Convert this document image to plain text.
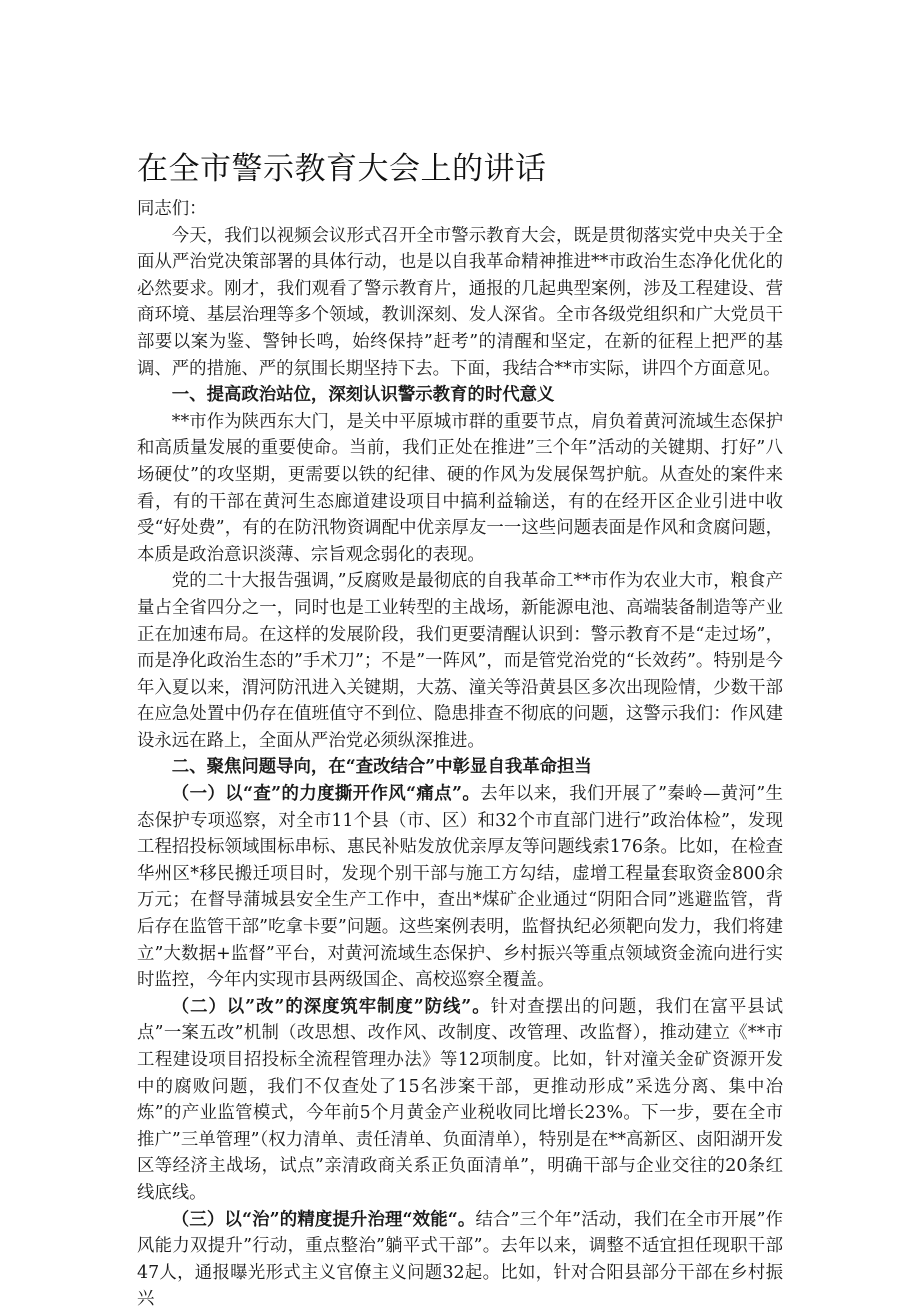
在全市警示教育大会上的讲话

同志们：

今天，我们以视频会议形式召开全市警示教育大会，既是贯彻落实党中央关于全面从严治党决策部署的具体行动，也是以自我革命精神推进**市政治生态净化优化的必然要求。刚才，我们观看了警示教育片，通报的几起典型案例，涉及工程建设、营商环境、基层治理等多个领域，教训深刻、发人深省。全市各级党组织和广大党员干部要以案为鉴、警钟长鸣，始终保持”赶考”的清醒和坚定，在新的征程上把严的基调、严的措施、严的氛围长期坚持下去。下面，我结合**市实际，讲四个方面意见。

一、提高政治站位，深刻认识警示教育的时代意义

**市作为陕西东大门，是关中平原城市群的重要节点，肩负着黄河流域生态保护和高质量发展的重要使命。当前，我们正处在推进”三个年”活动的关键期、打好”八场硬仗”的攻坚期，更需要以铁的纪律、硬的作风为发展保驾护航。从查处的案件来看，有的干部在黄河生态廊道建设项目中搞利益输送，有的在经开区企业引进中收受“好处费”，有的在防汛物资调配中优亲厚友一一这些问题表面是作风和贪腐问题，本质是政治意识淡薄、宗旨观念弱化的表现。

党的二十大报告强调，”反腐败是最彻底的自我革命工**市作为农业大市，粮食产量占全省四分之一，同时也是工业转型的主战场，新能源电池、高端装备制造等产业正在加速布局。在这样的发展阶段，我们更要清醒认识到：警示教育不是“走过场”，而是净化政治生态的”手术刀”；不是”一阵风”，而是管党治党的“长效药”。特别是今年入夏以来，渭河防汛进入关键期，大荔、潼关等沿黄县区多次出现险情，少数干部在应急处置中仍存在值班值守不到位、隐患排查不彻底的问题，这警示我们：作风建设永远在路上，全面从严治党必须纵深推进。

二、聚焦问题导向，在“查改结合”中彰显自我革命担当

（一）以“查”的力度撕开作风“痛点”。去年以来，我们开展了”秦岭—黄河”生态保护专项巡察，对全市11个县（市、区）和32个市直部门进行”政治体检”，发现工程招投标领域围标串标、惠民补贴发放优亲厚友等问题线索176条。比如，在检查华州区*移民搬迁项目时，发现个别干部与施工方勾结，虚增工程量套取资金800余万元；在督导蒲城县安全生产工作中，查出*煤矿企业通过“阴阳合同”逃避监管，背后存在监管干部”吃拿卡要”问题。这些案例表明，监督执纪必须靶向发力，我们将建立”大数据+监督”平台，对黄河流域生态保护、乡村振兴等重点领域资金流向进行实时监控，今年内实现市县两级国企、高校巡察全覆盖。

（二）以”改”的深度筑牢制度”防线”。针对查摆出的问题，我们在富平县试点”一案五改”机制（改思想、改作风、改制度、改管理、改监督），推动建立《**市工程建设项目招投标全流程管理办法》等12项制度。比如，针对潼关金矿资源开发中的腐败问题，我们不仅查处了15名涉案干部，更推动形成”采选分离、集中冶炼”的产业监管模式，今年前5个月黄金产业税收同比增长23%。下一步，要在全市推广”三单管理”（权力清单、责任清单、负面清单），特别是在**高新区、卤阳湖开发区等经济主战场，试点”亲清政商关系正负面清单”，明确干部与企业交往的20条红线底线。

（三）以“治”的精度提升治理“效能“。结合”三个年”活动，我们在全市开展”作风能力双提升”行动，重点整治”躺平式干部”。去年以来，调整不适宜担任现职干部47人，通报曝光形式主义官僚主义问题32起。比如，针对合阳县部分干部在乡村振兴
